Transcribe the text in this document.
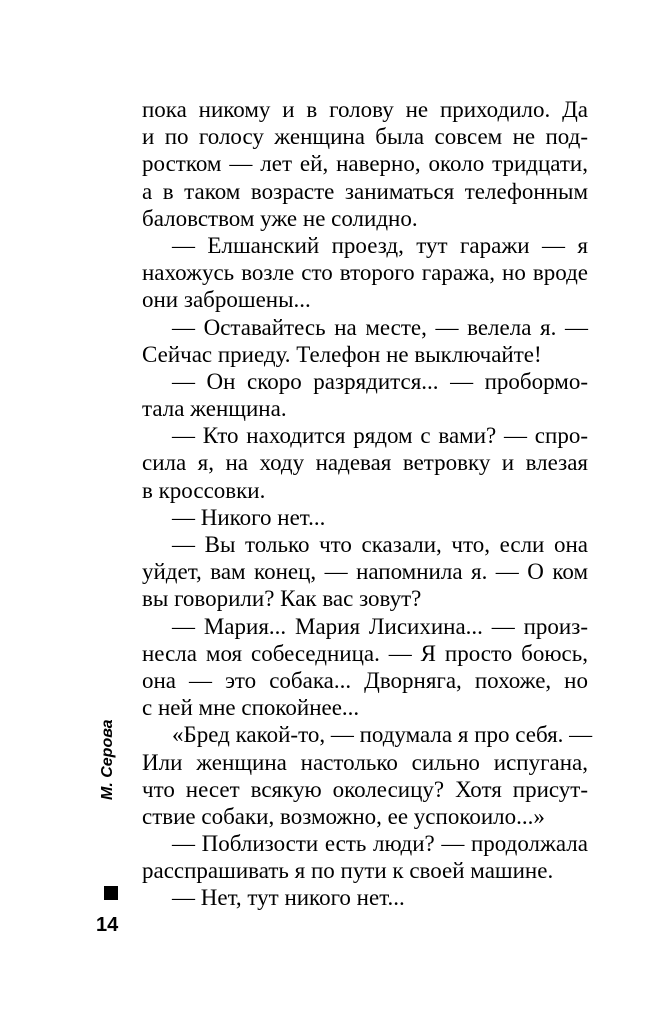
пока никому и в голову не приходило. Да
и по голосу женщина была совсем не под-
ростком — лет ей, наверно, около тридцати,
а в таком возрасте заниматься телефонным
баловством уже не солидно.
— Елшанский проезд, тут гаражи — я
нахожусь возле сто второго гаража, но вроде
они заброшены...
— Оставайтесь на месте, — велела я. —
Сейчас приеду. Телефон не выключайте!
— Он скоро разрядится... — пробормо-
тала женщина.
— Кто находится рядом с вами? — спро-
сила я, на ходу надевая ветровку и влезая
в кроссовки.
— Никого нет...
— Вы только что сказали, что, если она
уйдет, вам конец, — напомнила я. — О ком
вы говорили? Как вас зовут?
— Мария... Мария Лисихина... — произ-
несла моя собеседница. — Я просто боюсь,
она — это собака... Дворняга, похоже, но
с ней мне спокойнее...
«Бред какой-то, — подумала я про себя. —
Или женщина настолько сильно испугана,
что несет всякую околесицу? Хотя присут-
ствие собаки, возможно, ее успокоило...»
— Поблизости есть люди? — продолжала
расспрашивать я по пути к своей машине.
— Нет, тут никого нет...
М. Серова
14
